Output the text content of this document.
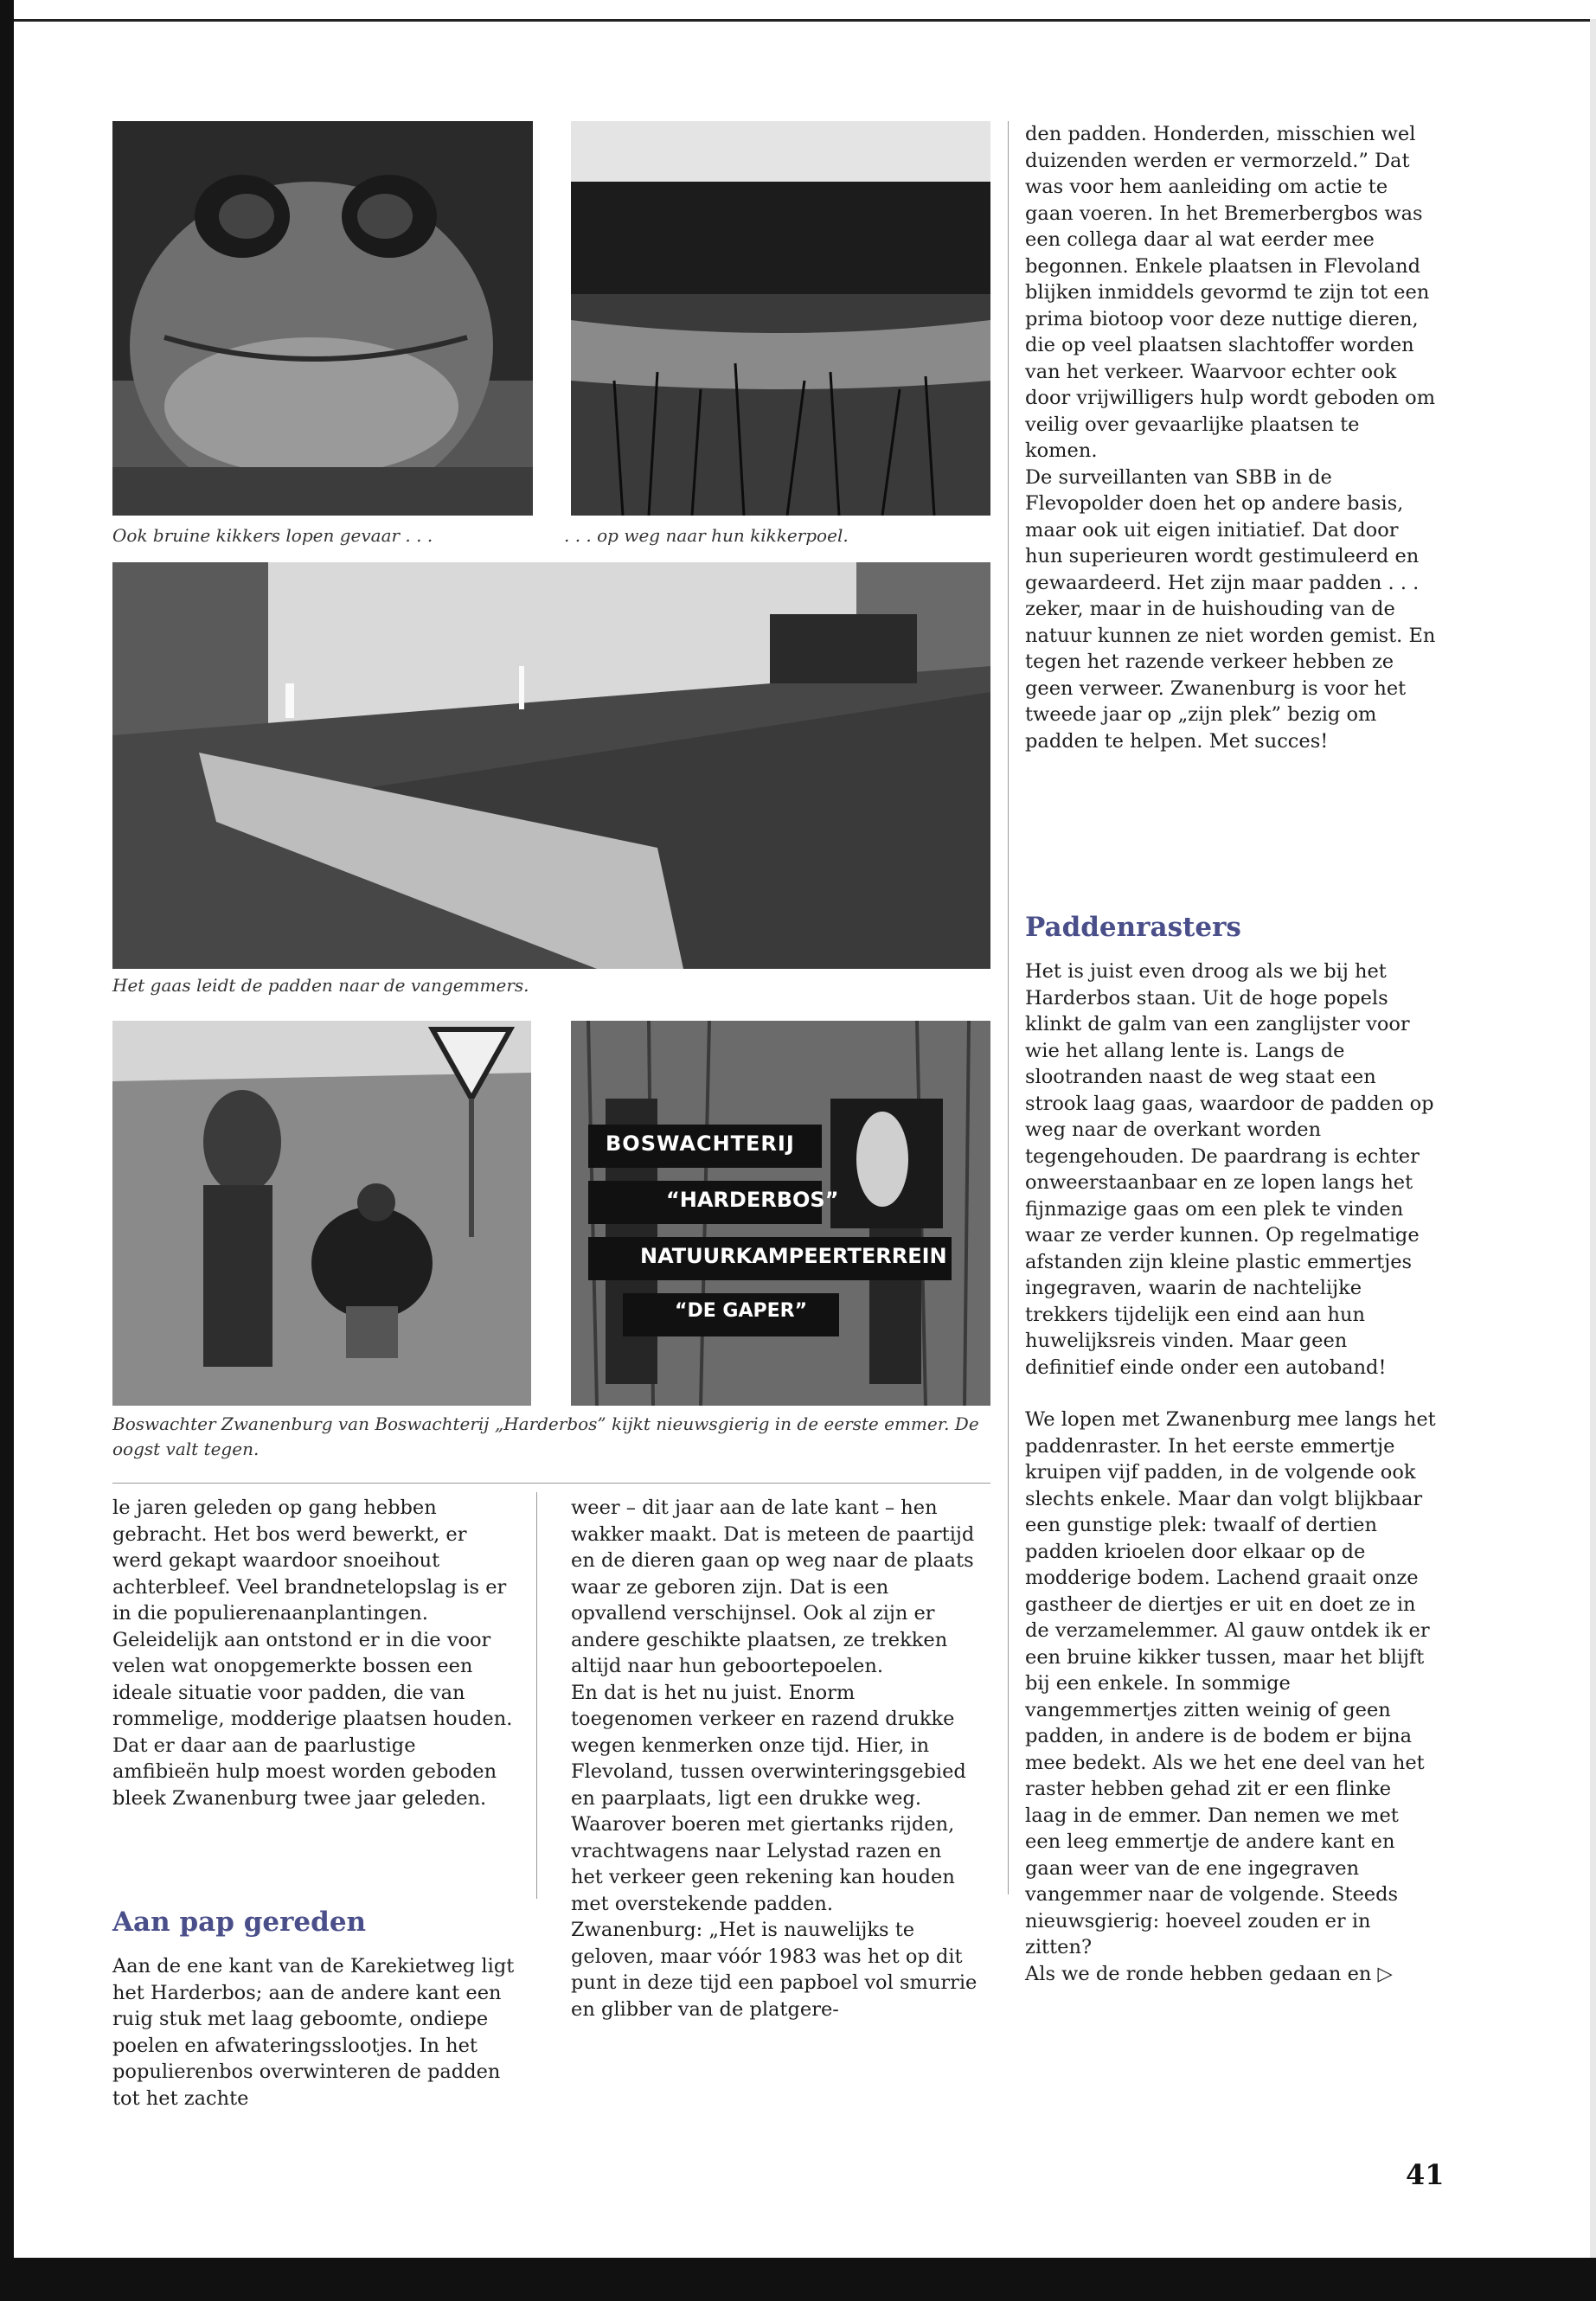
Ook bruine kikkers lopen gevaar . . .	. . . op weg naar hun kikkerpoel.
Het gaas leidt de padden naar de vangemmers.
BOSWACHTERIJ
“HARDERBOS”
NATUURKAMPEERTERREIN
“DE GAPER”
Boswachter Zwanenburg van Boswachterij „Harderbos” kijkt nieuwsgierig in de eerste emmer. De oogst valt tegen.

le jaren geleden op gang hebben gebracht. Het bos werd bewerkt, er werd gekapt waardoor snoeihout achterbleef. Veel brandnetelopslag is er in die populierenaanplantingen. Geleidelijk aan ontstond er in die voor velen wat onopgemerkte bossen een ideale situatie voor padden, die van rommelige, modderige plaatsen houden. Dat er daar aan de paarlustige amfibieën hulp moest worden geboden bleek Zwanenburg twee jaar geleden.

Aan pap gereden

Aan de ene kant van de Karekietweg ligt het Harderbos; aan de andere kant een ruig stuk met laag geboomte, ondiepe poelen en afwateringsslootjes. In het populierenbos overwinteren de padden tot het zachte

weer – dit jaar aan de late kant – hen wakker maakt. Dat is meteen de paartijd en de dieren gaan op weg naar de plaats waar ze geboren zijn. Dat is een opvallend verschijnsel. Ook al zijn er andere geschikte plaatsen, ze trekken altijd naar hun geboortepoelen.

En dat is het nu juist. Enorm toegenomen verkeer en razend drukke wegen kenmerken onze tijd. Hier, in Flevoland, tussen overwinteringsgebied en paarplaats, ligt een drukke weg. Waarover boeren met giertanks rijden, vrachtwagens naar Lelystad razen en het verkeer geen rekening kan houden met overstekende padden.

Zwanenburg: „Het is nauwelijks te geloven, maar vóór 1983 was het op dit punt in deze tijd een papboel vol smurrie en glibber van de platgere-

den padden. Honderden, misschien wel duizenden werden er vermorzeld.” Dat was voor hem aanleiding om actie te gaan voeren. In het Bremerbergbos was een collega daar al wat eerder mee begonnen. Enkele plaatsen in Flevoland blijken inmiddels gevormd te zijn tot een prima biotoop voor deze nuttige dieren, die op veel plaatsen slachtoffer worden van het verkeer. Waarvoor echter ook door vrijwilligers hulp wordt geboden om veilig over gevaarlijke plaatsen te komen.

De surveillanten van SBB in de Flevopolder doen het op andere basis, maar ook uit eigen initiatief. Dat door hun superieuren wordt gestimuleerd en gewaardeerd. Het zijn maar padden . . . zeker, maar in de huishouding van de natuur kunnen ze niet worden gemist. En tegen het razende verkeer hebben ze geen verweer. Zwanenburg is voor het tweede jaar op „zijn plek” bezig om padden te helpen. Met succes!

Paddenrasters

Het is juist even droog als we bij het Harderbos staan. Uit de hoge popels klinkt de galm van een zanglijster voor wie het allang lente is. Langs de slootranden naast de weg staat een strook laag gaas, waardoor de padden op weg naar de overkant worden tegengehouden. De paardrang is echter onweerstaanbaar en ze lopen langs het fijnmazige gaas om een plek te vinden waar ze verder kunnen. Op regelmatige afstanden zijn kleine plastic emmertjes ingegraven, waarin de nachtelijke trekkers tijdelijk een eind aan hun huwelijksreis vinden. Maar geen definitief einde onder een autoband!

We lopen met Zwanenburg mee langs het paddenraster. In het eerste emmertje kruipen vijf padden, in de volgende ook slechts enkele. Maar dan volgt blijkbaar een gunstige plek: twaalf of dertien padden krioelen door elkaar op de modderige bodem. Lachend graait onze gastheer de diertjes er uit en doet ze in de verzamelemmer. Al gauw ontdek ik er een bruine kikker tussen, maar het blijft bij een enkele. In sommige vangemmertjes zitten weinig of geen padden, in andere is de bodem er bijna mee bedekt. Als we het ene deel van het raster hebben gehad zit er een flinke laag in de emmer. Dan nemen we met een leeg emmertje de andere kant en gaan weer van de ene ingegraven vangemmer naar de volgende. Steeds nieuwsgierig: hoeveel zouden er in zitten?

Als we de ronde hebben gedaan en ▷

41
